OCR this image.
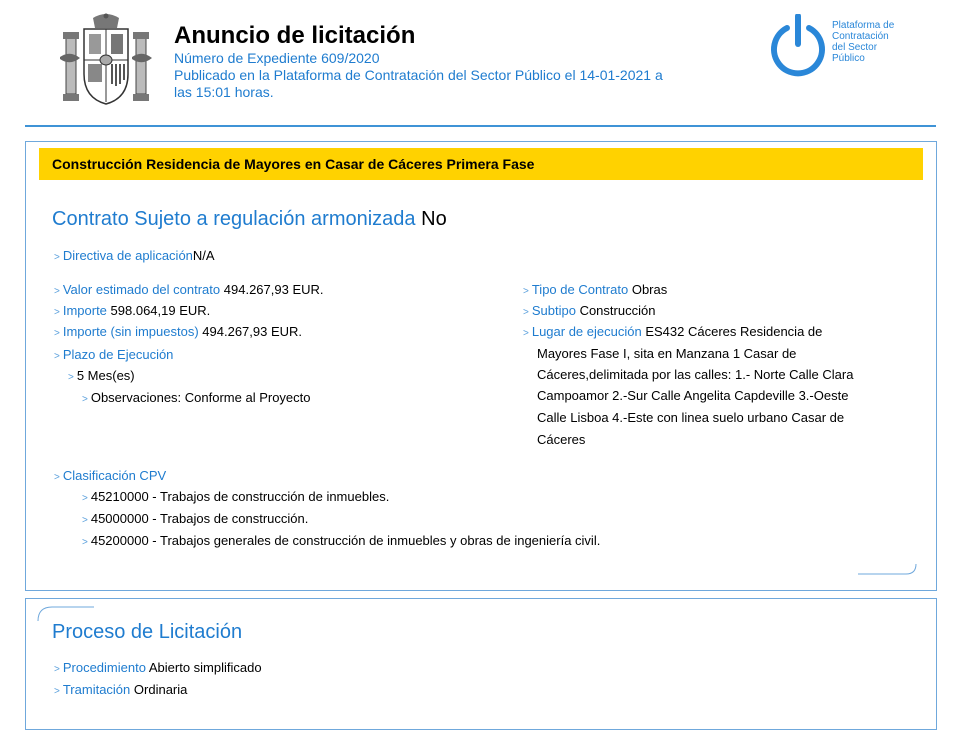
Anuncio de licitación
Número de Expediente 609/2020
Publicado en la Plataforma de Contratación del Sector Público el 14-01-2021 a
las 15:01 horas.
Plataforma de
Contratación
del Sector
Público
Construcción Residencia de Mayores en Casar de Cáceres Primera Fase
Contrato Sujeto a regulación armonizada No
> Directiva de aplicaciónN/A
> Valor estimado del contrato 494.267,93 EUR.
> Importe 598.064,19 EUR.
> Importe (sin impuestos) 494.267,93 EUR.
> Plazo de Ejecución
> 5 Mes(es)
> Observaciones: Conforme al Proyecto
> Tipo de Contrato Obras
> Subtipo Construcción
> Lugar de ejecución ES432 Cáceres Residencia de
Mayores Fase I, sita en Manzana 1 Casar de
Cáceres,delimitada por las calles: 1.- Norte Calle Clara
Campoamor 2.-Sur Calle Angelita Capdeville 3.-Oeste
Calle Lisboa 4.-Este con linea suelo urbano Casar de
Cáceres
> Clasificación CPV
> 45210000 - Trabajos de construcción de inmuebles.
> 45000000 - Trabajos de construcción.
> 45200000 - Trabajos generales de construcción de inmuebles y obras de ingeniería civil.
Proceso de Licitación
> Procedimiento Abierto simplificado
> Tramitación Ordinaria
